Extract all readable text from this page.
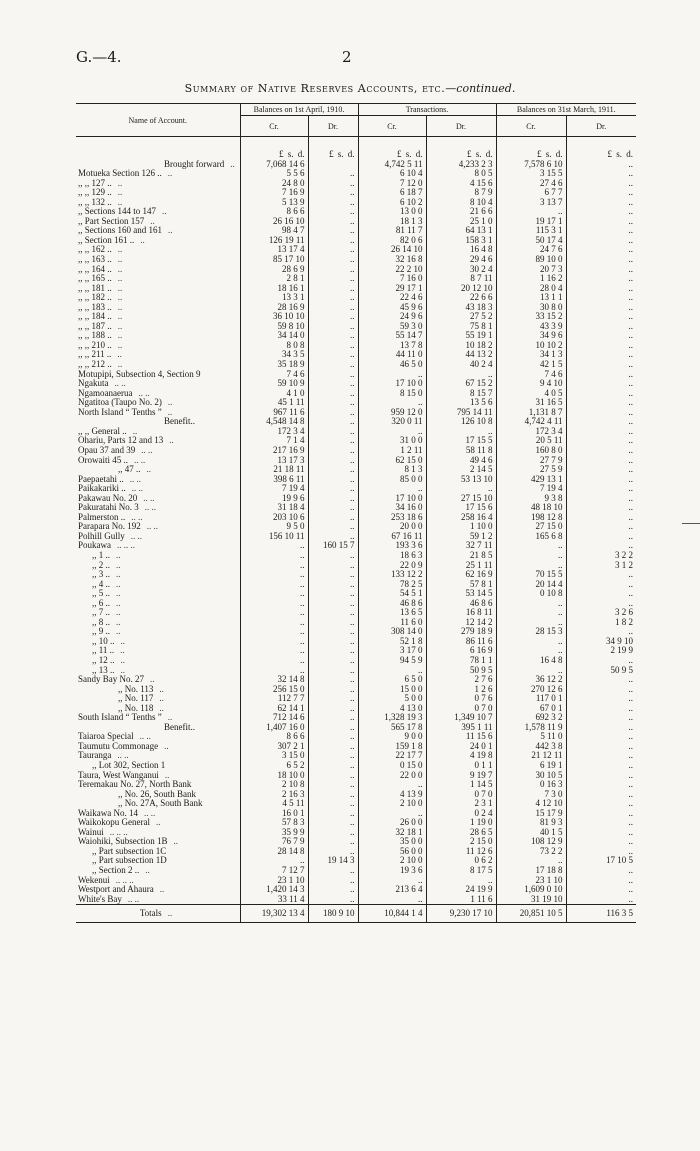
G.—4.	2
Summary of Native Reserves Accounts, etc.—continued.
Name of Account.		Balances on 1st April, 1910.		Transactions.		Balances on 31st March, 1911.	
		Cr.	Dr.	Cr.	Dr.	Cr.	Dr.

		£ s. d.	£ s. d.	£ s. d.	£ s. d.	£ s. d.	£ s. d.
Brought forward ..		7,068 14 6		4,742 5 11	4,233 2 3	7,578 6 10	..
Motueka Section 126 .. ..		5 5 6	..	6 10 4	8 0 5	3 15 5	..
,, ,, 127 .. ..		24 8 0	..	7 12 0	4 15 6	27 4 6	..
,, ,, 129 .. ..		7 16 9	..	6 18 7	8 7 9	6 7 7	..
,, ,, 132 .. ..		5 13 9	..	6 10 2	8 10 4	3 13 7	..
,, Sections 144 to 147 ..		8 6 6	..	13 0 0	21 6 6	..	..
,, Part Section 157 ..		26 16 10	..	18 1 3	25 1 0	19 17 1	..
,, Sections 160 and 161 ..		98 4 7	..	81 11 7	64 13 1	115 3 1	..
,, Section 161 .. ..		126 19 11	..	82 0 6	158 3 1	50 17 4	..
,, ,, 162 .. ..		13 17 4	..	26 14 10	16 4 8	24 7 6	..
,, ,, 163 .. ..		85 17 10	..	32 16 8	29 4 6	89 10 0	..
,, ,, 164 .. ..		28 6 9	..	22 2 10	30 2 4	20 7 3	..
,, ,, 165 .. ..		2 8 1	..	7 16 0	8 7 11	1 16 2	..
,, ,, 181 .. ..		18 16 1	..	29 17 1	20 12 10	28 0 4	..
,, ,, 182 .. ..		13 3 1	..	22 4 6	22 6 6	13 1 1	..
,, ,, 183 .. ..		28 16 9	..	45 9 6	43 18 3	30 8 0	..
,, ,, 184 .. ..		36 10 10	..	24 9 6	27 5 2	33 15 2	..
,, ,, 187 .. ..		59 8 10	..	59 3 0	75 8 1	43 3 9	..
,, ,, 188 .. ..		34 14 0	..	55 14 7	55 19 1	34 9 6	..
,, ,, 210 .. ..		8 0 8	..	13 7 8	10 18 2	10 10 2	..
,, ,, 211 .. ..		34 3 5	..	44 11 0	44 13 2	34 1 3	..
,, ,, 212 .. ..		35 18 9	..	46 5 0	40 2 4	42 1 5	..
Motupipi, Subsection 4, Section 9		7 4 6	..	..	..	7 4 6	..
Ngakuta .. ..		59 10 9	..	17 10 0	67 15 2	9 4 10	..
Ngamoanaerua .. ..		4 1 0	..	8 15 0	8 15 7	4 0 5	..
Ngatitoa (Taupo No. 2) ..		45 1 11	..	..	13 5 6	31 16 5	..
North Island “ Tenths ” ..		967 11 6	..	959 12 0	795 14 11	1,131 8 7	..
Benefit..		4,548 14 8	..	320 0 11	126 10 8	4,742 4 11	..
,, ,, General .. ..		172 3 4	..	..	..	172 3 4	..
Ohariu, Parts 12 and 13 ..		7 1 4	..	31 0 0	17 15 5	20 5 11	..
Opau 37 and 39 .. ..		217 16 9	..	1 2 11	58 11 8	160 8 0	..
Orowaiti 45 .. .. ..		13 17 3	..	62 15 0	49 4 6	27 7 9	..
,, 47 .. ..		21 18 11	..	8 1 3	2 14 5	27 5 9	..
Paepaetahi .. .. ..		398 6 11	..	85 0 0	53 13 10	429 13 1	..
Paikakariki .. .. ..		7 19 4	..	..	..	7 19 4	..
Pakawau No. 20 .. ..		19 9 6	..	17 10 0	27 15 10	9 3 8	..
Pakuratahi No. 3 .. ..		31 18 4	..	34 16 0	17 15 6	48 18 10	..
Palmerston .. .. ..		203 10 6	..	253 18 6	258 16 4	198 12 8	..
Parapara No. 192 .. ..		9 5 0	..	20 0 0	1 10 0	27 15 0	..
Polhill Gully .. ..		156 10 11	..	67 16 11	59 1 2	165 6 8	..
Poukawa .. .. ..		..	160 15 7	193 3 6	32 7 11	..	..
,, 1 .. ..		..	..	18 6 3	21 8 5	..	3 2 2
,, 2 .. ..		..	..	22 0 9	25 1 11	..	3 1 2
,, 3 .. ..		..	..	133 12 2	62 16 9	70 15 5	..
,, 4 .. ..		..	..	78 2 5	57 8 1	20 14 4	..
,, 5 .. ..		..	..	54 5 1	53 14 5	0 10 8	..
,, 6 .. ..		..	..	46 8 6	46 8 6	..	..
,, 7 .. ..		..	..	13 6 5	16 8 11	..	3 2 6
,, 8 .. ..		..	..	11 6 0	12 14 2	..	1 8 2
,, 9 .. ..		..	..	308 14 0	279 18 9	28 15 3	..
,, 10 .. ..		..	..	52 1 8	86 11 6	..	34 9 10
,, 11 .. ..		..	..	3 17 0	6 16 9	..	2 19 9
,, 12 .. ..		..	..	94 5 9	78 1 1	16 4 8	..
,, 13 .. ..		..	..	..	50 9 5	..	50 9 5
Sandy Bay No. 27 ..		32 14 8	..	6 5 0	2 7 6	36 12 2	..
,, No. 113 ..		256 15 0	..	15 0 0	1 2 6	270 12 6	..
,, No. 117 ..		112 7 7	..	5 0 0	0 7 6	117 0 1	..
,, No. 118 ..		62 14 1	..	4 13 0	0 7 0	67 0 1	..
South Island “ Tenths ” ..		712 14 6	..	1,328 19 3	1,349 10 7	692 3 2	..
Benefit..		1,407 16 0	..	565 17 8	395 1 11	1,578 11 9	..
Taiaroa Special .. ..		8 6 6	..	9 0 0	11 15 6	5 11 0	..
Taumutu Commonage ..		307 2 1	..	159 1 8	24 0 1	442 3 8	..
Tauranga .. ..		3 15 0	..	22 17 7	4 19 8	21 12 11	..
,, Lot 302, Section 1		6 5 2	..	0 15 0	0 1 1	6 19 1	..
Taura, West Wanganui ..		18 10 0	..	22 0 0	9 19 7	30 10 5	..
Teremakau No. 27, North Bank		2 10 8	..	..	1 14 5	0 16 3	..
,, No. 26, South Bank		2 16 3	..	4 13 9	0 7 0	7 3 0	..
,, No. 27A, South Bank		4 5 11	..	2 10 0	2 3 1	4 12 10	..
Waikawa No. 14 .. ..		16 0 1	..	..	0 2 4	15 17 9	..
Waikokopu General ..		57 8 3	..	26 0 0	1 19 0	81 9 3	..
Wainui .. .. ..		35 9 9	..	32 18 1	28 6 5	40 1 5	..
Waiohiki, Subsection 1B ..		76 7 9	..	35 0 0	2 15 0	108 12 9	..
,, Part subsection 1C		28 14 8	..	56 0 0	11 12 6	73 2 2	..
,, Part subsection 1D		..	19 14 3	2 10 0	0 6 2	..	17 10 5
,, Section 2 .. ..		7 12 7	..	19 3 6	8 17 5	17 18 8	..
Wekenui .. .. ..		23 1 10	..	..	..	23 1 10	..
Westport and Ahaura ..		1,420 14 3	..	213 6 4	24 19 9	1,609 0 10	..
White's Bay .. ..		33 11 4	..	..	1 11 6	31 19 10	..
Totals ..		19,302 13 4	180 9 10	10,844 1 4	9,230 17 10	20,851 10 5	116 3 5
